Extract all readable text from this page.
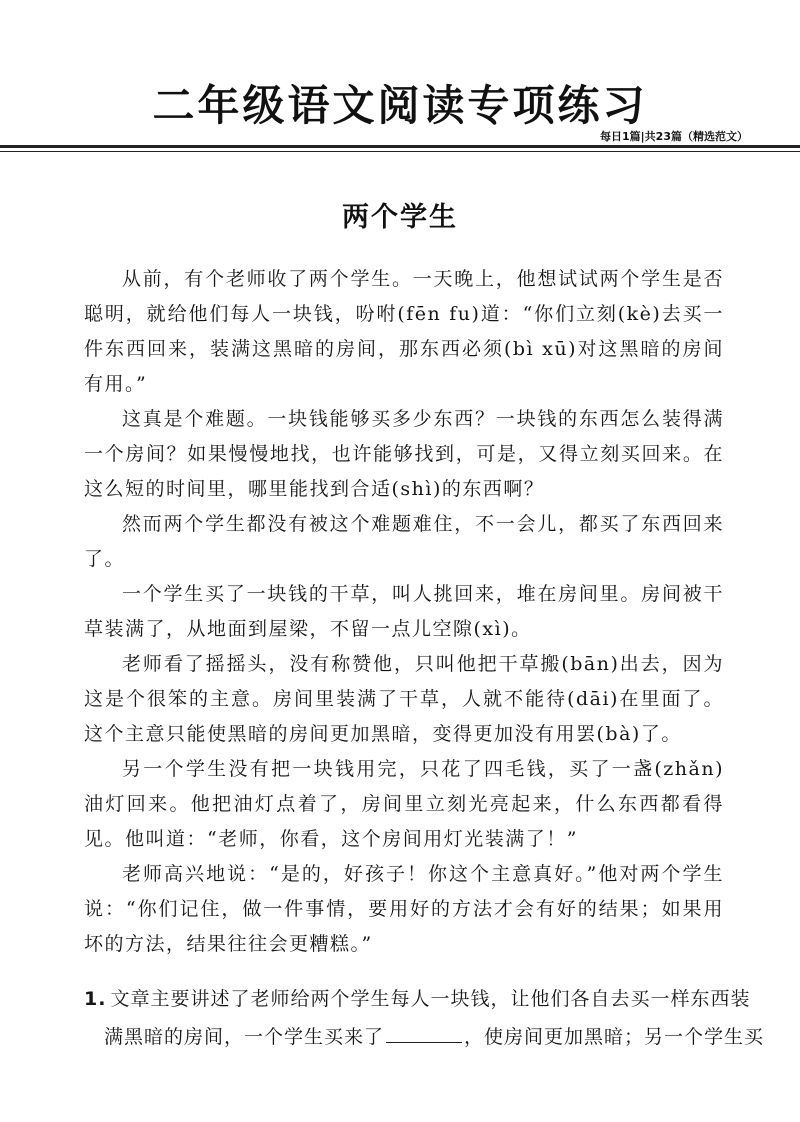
二年级语文阅读专项练习
每日1篇|共23篇（精选范文）
两个学生

从前，有个老师收了两个学生。一天晚上，他想试试两个学生是否聪明，就给他们每人一块钱，吩咐(fēn fu)道：“你们立刻(kè)去买一件东西回来，装满这黑暗的房间，那东西必须(bì xū)对这黑暗的房间有用。”

这真是个难题。一块钱能够买多少东西？一块钱的东西怎么装得满一个房间？如果慢慢地找，也许能够找到，可是，又得立刻买回来。在这么短的时间里，哪里能找到合适(shì)的东西啊？

然而两个学生都没有被这个难题难住，不一会儿，都买了东西回来了。

一个学生买了一块钱的干草，叫人挑回来，堆在房间里。房间被干草装满了，从地面到屋梁，不留一点儿空隙(xì)。

老师看了摇摇头，没有称赞他，只叫他把干草搬(bān)出去，因为这是个很笨的主意。房间里装满了干草，人就不能待(dāi)在里面了。这个主意只能使黑暗的房间更加黑暗，变得更加没有用罢(bà)了。

另一个学生没有把一块钱用完，只花了四毛钱，买了一盏(zhǎn)油灯回来。他把油灯点着了，房间里立刻光亮起来，什么东西都看得见。他叫道：“老师，你看，这个房间用灯光装满了！”

老师高兴地说：“是的，好孩子！你这个主意真好。”他对两个学生说：“你们记住，做一件事情，要用好的方法才会有好的结果；如果用坏的方法，结果往往会更糟糕。”

1. 文章主要讲述了老师给两个学生每人一块钱，让他们各自去买一样东西装

满黑暗的房间，一个学生买来了	，使房间更加黑暗；另一个学生买
